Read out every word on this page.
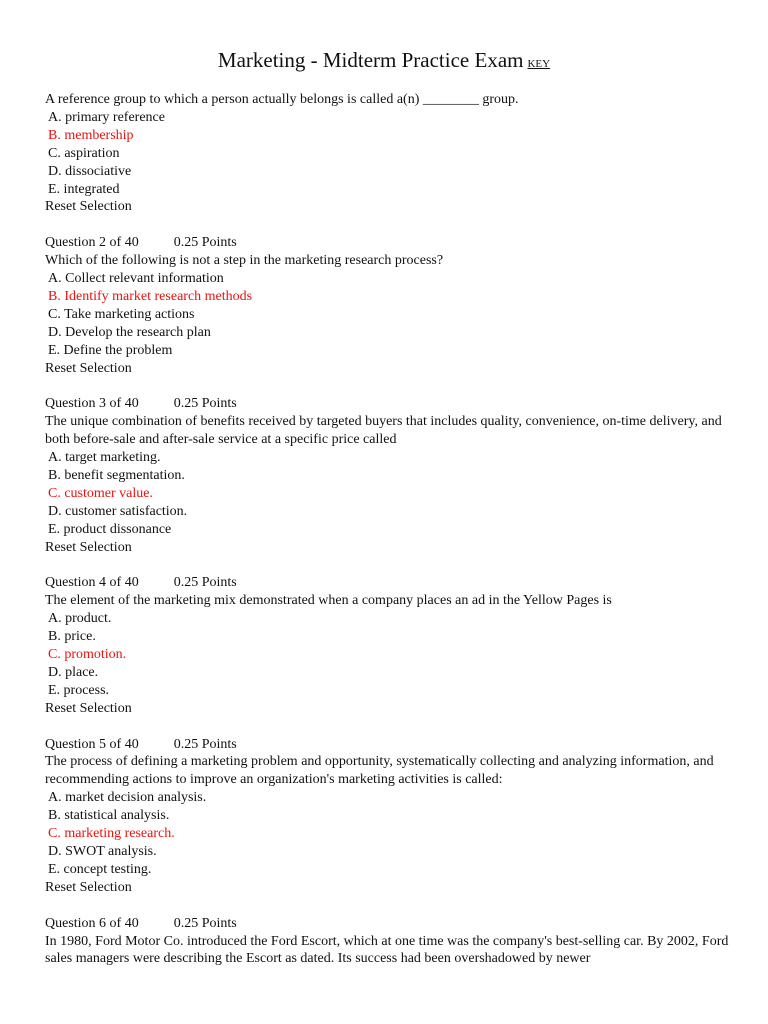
Marketing - Midterm Practice Exam KEY
A reference group to which a person actually belongs is called a(n) ________ group.
A. primary reference
B. membership
C. aspiration
D. dissociative
E. integrated
Reset Selection
Question 2 of 40	0.25 Points
Which of the following is not a step in the marketing research process?
A. Collect relevant information
B. Identify market research methods
C. Take marketing actions
D. Develop the research plan
E. Define the problem
Reset Selection
Question 3 of 40	0.25 Points
The unique combination of benefits received by targeted buyers that includes quality, convenience, on-time delivery, and both before-sale and after-sale service at a specific price called
A. target marketing.
B. benefit segmentation.
C. customer value.
D. customer satisfaction.
E. product dissonance
Reset Selection
Question 4 of 40	0.25 Points
The element of the marketing mix demonstrated when a company places an ad in the Yellow Pages is
A. product.
B. price.
C. promotion.
D. place.
E. process.
Reset Selection
Question 5 of 40	0.25 Points
The process of defining a marketing problem and opportunity, systematically collecting and analyzing information, and recommending actions to improve an organization's marketing activities is called:
A. market decision analysis.
B. statistical analysis.
C. marketing research.
D. SWOT analysis.
E. concept testing.
Reset Selection
Question 6 of 40	0.25 Points
In 1980, Ford Motor Co. introduced the Ford Escort, which at one time was the company's best-selling car. By 2002, Ford sales managers were describing the Escort as dated. Its success had been overshadowed by newer
